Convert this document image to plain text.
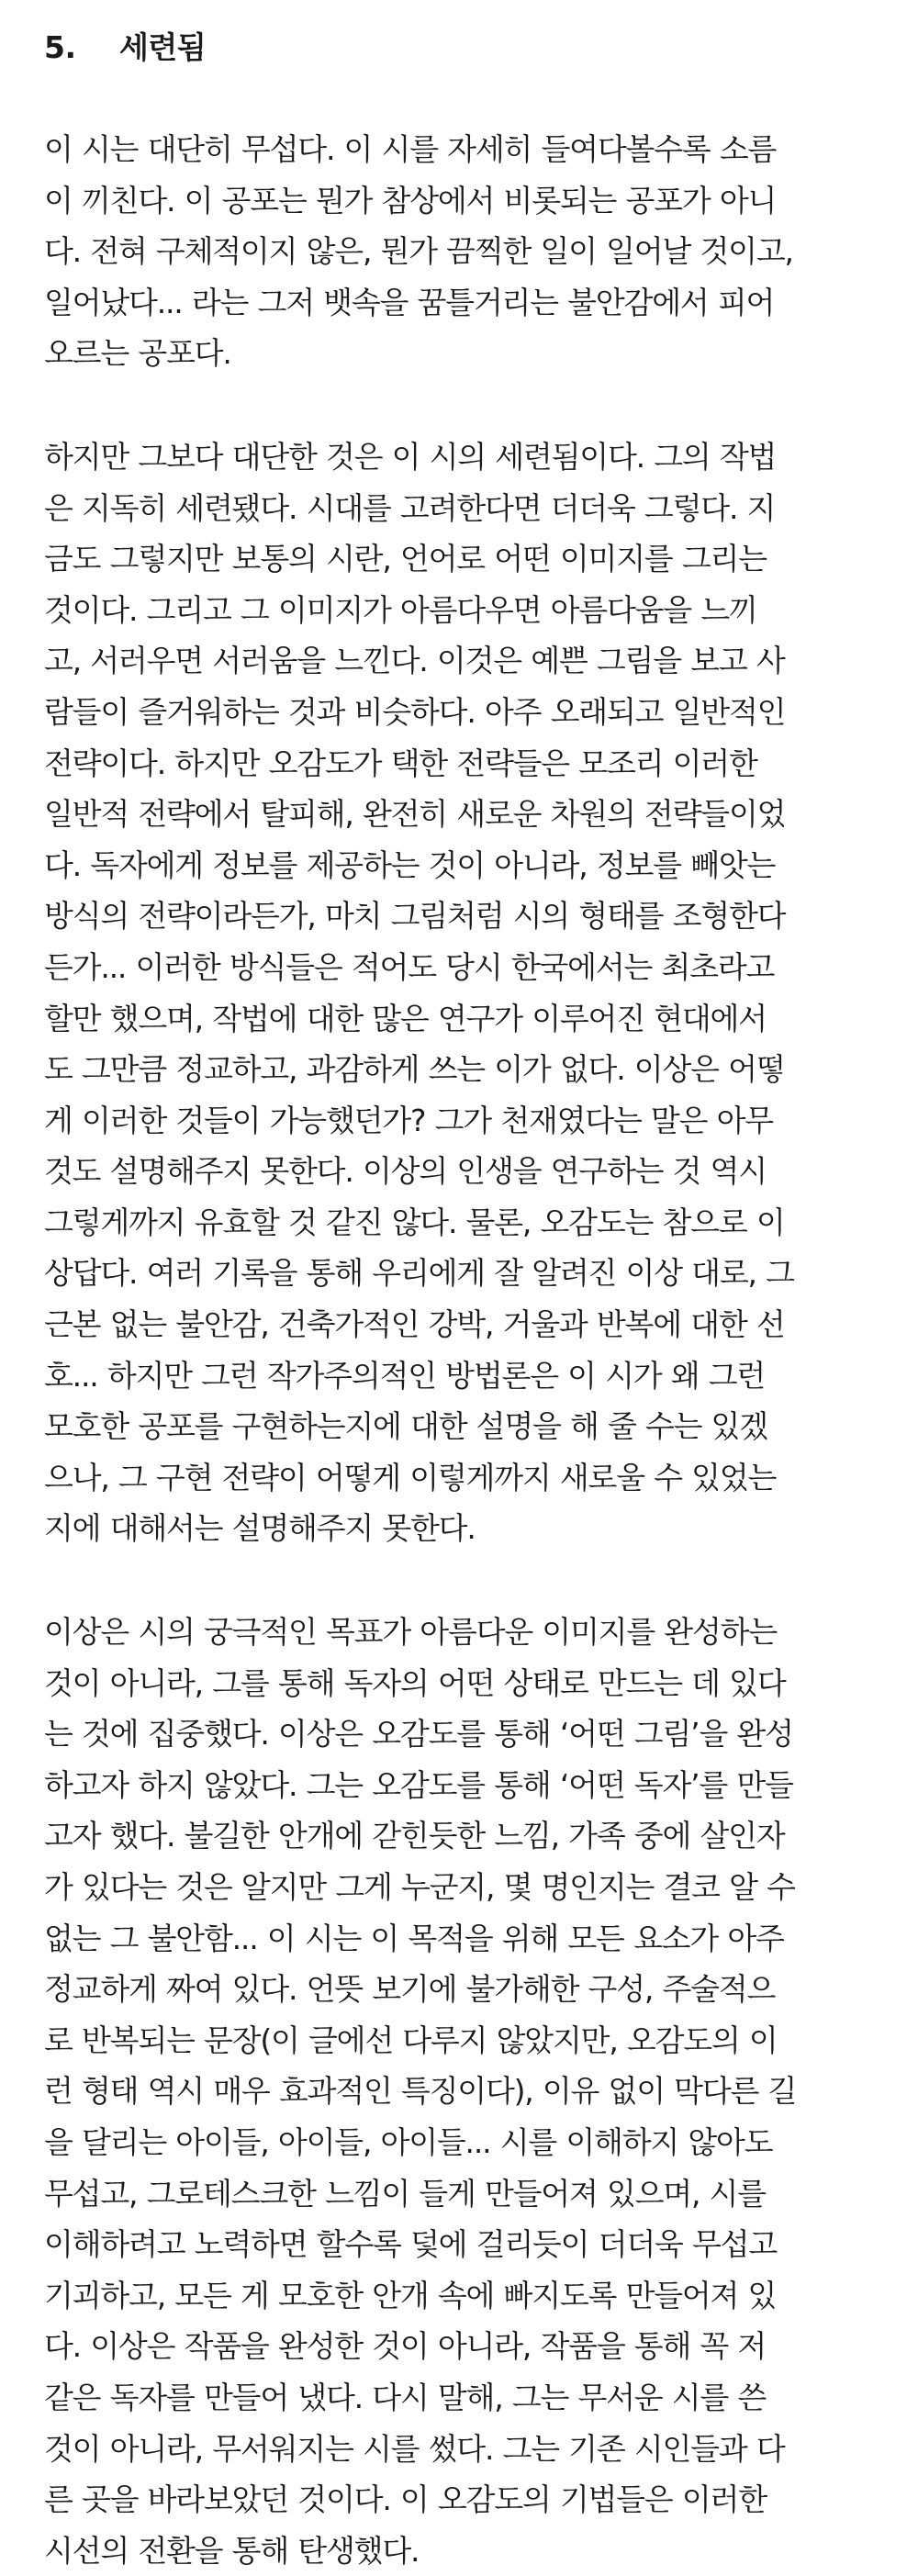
5.	세련됨

이 시는 대단히 무섭다. 이 시를 자세히 들여다볼수록 소름
이 끼친다. 이 공포는 뭔가 참상에서 비롯되는 공포가 아니
다. 전혀 구체적이지 않은, 뭔가 끔찍한 일이 일어날 것이고,
일어났다... 라는 그저 뱃속을 꿈틀거리는 불안감에서 피어
오르는 공포다.

하지만 그보다 대단한 것은 이 시의 세련됨이다. 그의 작법
은 지독히 세련됐다. 시대를 고려한다면 더더욱 그렇다. 지
금도 그렇지만 보통의 시란, 언어로 어떤 이미지를 그리는
것이다. 그리고 그 이미지가 아름다우면 아름다움을 느끼
고, 서러우면 서러움을 느낀다. 이것은 예쁜 그림을 보고 사
람들이 즐거워하는 것과 비슷하다. 아주 오래되고 일반적인
전략이다. 하지만 오감도가 택한 전략들은 모조리 이러한
일반적 전략에서 탈피해, 완전히 새로운 차원의 전략들이었
다. 독자에게 정보를 제공하는 것이 아니라, 정보를 빼앗는
방식의 전략이라든가, 마치 그림처럼 시의 형태를 조형한다
든가... 이러한 방식들은 적어도 당시 한국에서는 최초라고
할만 했으며, 작법에 대한 많은 연구가 이루어진 현대에서
도 그만큼 정교하고, 과감하게 쓰는 이가 없다. 이상은 어떻
게 이러한 것들이 가능했던가? 그가 천재였다는 말은 아무
것도 설명해주지 못한다. 이상의 인생을 연구하는 것 역시
그렇게까지 유효할 것 같진 않다. 물론, 오감도는 참으로 이
상답다. 여러 기록을 통해 우리에게 잘 알려진 이상 대로, 그
근본 없는 불안감, 건축가적인 강박, 거울과 반복에 대한 선
호... 하지만 그런 작가주의적인 방법론은 이 시가 왜 그런
모호한 공포를 구현하는지에 대한 설명을 해 줄 수는 있겠
으나, 그 구현 전략이 어떻게 이렇게까지 새로울 수 있었는
지에 대해서는 설명해주지 못한다.

이상은 시의 궁극적인 목표가 아름다운 이미지를 완성하는
것이 아니라, 그를 통해 독자의 어떤 상태로 만드는 데 있다
는 것에 집중했다. 이상은 오감도를 통해 ‘어떤 그림’을 완성
하고자 하지 않았다. 그는 오감도를 통해 ‘어떤 독자’를 만들
고자 했다. 불길한 안개에 갇힌듯한 느낌, 가족 중에 살인자
가 있다는 것은 알지만 그게 누군지, 몇 명인지는 결코 알 수
없는 그 불안함... 이 시는 이 목적을 위해 모든 요소가 아주
정교하게 짜여 있다. 언뜻 보기에 불가해한 구성, 주술적으
로 반복되는 문장(이 글에선 다루지 않았지만, 오감도의 이
런 형태 역시 매우 효과적인 특징이다), 이유 없이 막다른 길
을 달리는 아이들, 아이들, 아이들... 시를 이해하지 않아도
무섭고, 그로테스크한 느낌이 들게 만들어져 있으며, 시를
이해하려고 노력하면 할수록 덫에 걸리듯이 더더욱 무섭고
기괴하고, 모든 게 모호한 안개 속에 빠지도록 만들어져 있
다. 이상은 작품을 완성한 것이 아니라, 작품을 통해 꼭 저
같은 독자를 만들어 냈다. 다시 말해, 그는 무서운 시를 쓴
것이 아니라, 무서워지는 시를 썼다. 그는 기존 시인들과 다
른 곳을 바라보았던 것이다. 이 오감도의 기법들은 이러한
시선의 전환을 통해 탄생했다.
